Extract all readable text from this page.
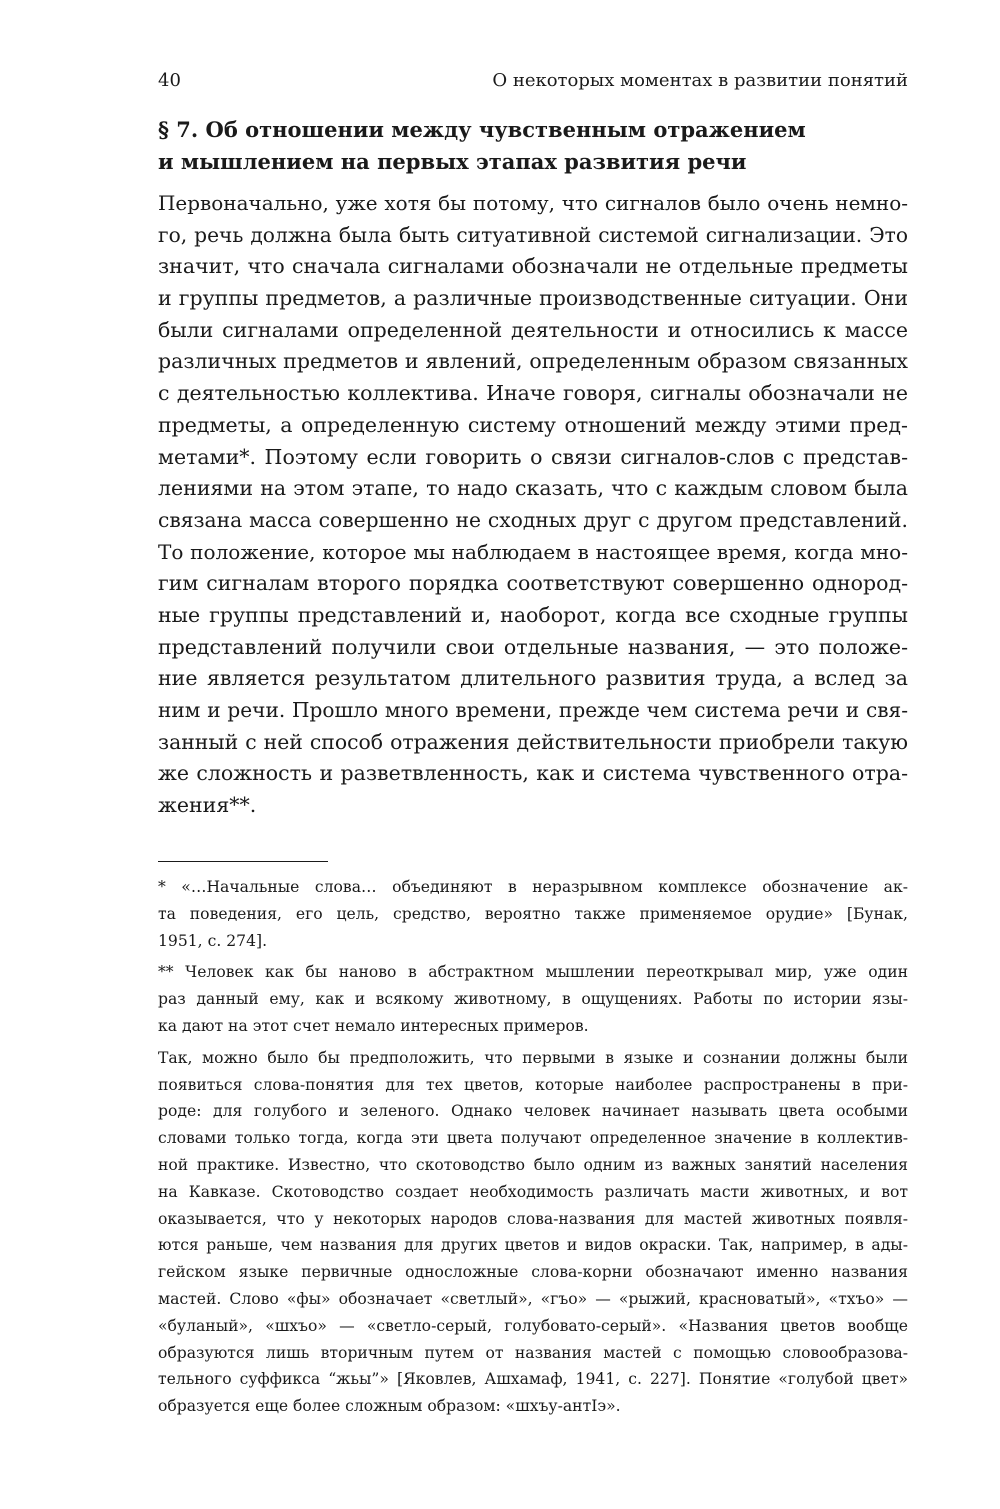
40	О некоторых моментах в развитии понятий
§ 7. Об отношении между чувственным отражением
и мышлением на первых этапах развития речи
Первоначально, уже хотя бы потому, что сигналов было очень немно-
го, речь должна была быть ситуативной системой сигнализации. Это
значит, что сначала сигналами обозначали не отдельные предметы
и группы предметов, а различные производственные ситуации. Они
были сигналами определенной деятельности и относились к массе
различных предметов и явлений, определенным образом связанных
с деятельностью коллектива. Иначе говоря, сигналы обозначали не
предметы, а определенную систему отношений между этими пред-
метами*. Поэтому если говорить о связи сигналов-слов с представ-
лениями на этом этапе, то надо сказать, что с каждым словом была
связана масса совершенно не сходных друг с другом представлений.
То положение, которое мы наблюдаем в настоящее время, когда мно-
гим сигналам второго порядка соответствуют совершенно однород-
ные группы представлений и, наоборот, когда все сходные группы
представлений получили свои отдельные названия, — это положе-
ние является результатом длительного развития труда, а вслед за
ним и речи. Прошло много времени, прежде чем система речи и свя-
занный с ней способ отражения действительности приобрели такую
же сложность и разветвленность, как и система чувственного отра-
жения**.
* «…Начальные слова… объединяют в неразрывном комплексе обозначение ак-
та поведения, его цель, средство, вероятно также применяемое орудие» [Бунак,
1951, с. 274].
** Человек как бы наново в абстрактном мышлении переоткрывал мир, уже один
раз данный ему, как и всякому животному, в ощущениях. Работы по истории язы-
ка дают на этот счет немало интересных примеров.
Так, можно было бы предположить, что первыми в языке и сознании должны были
появиться слова-понятия для тех цветов, которые наиболее распространены в при-
роде: для голубого и зеленого. Однако человек начинает называть цвета особыми
словами только тогда, когда эти цвета получают определенное значение в коллектив-
ной практике. Известно, что скотоводство было одним из важных занятий населения
на Кавказе. Скотоводство создает необходимость различать масти животных, и вот
оказывается, что у некоторых народов слова-названия для мастей животных появля-
ются раньше, чем названия для других цветов и видов окраски. Так, например, в ады-
гейском языке первичные односложные слова-корни обозначают именно названия
мастей. Слово «фы» обозначает «светлый», «гъо» — «рыжий, красноватый», «тхъо» —
«буланый», «шхъо» — «светло-серый, голубовато-серый». «Названия цветов вообще
образуются лишь вторичным путем от названия мастей с помощью словообразова-
тельного суффикса “жьы”» [Яковлев, Ашхамаф, 1941, с. 227]. Понятие «голубой цвет»
образуется еще более сложным образом: «шхъу-антIэ».
